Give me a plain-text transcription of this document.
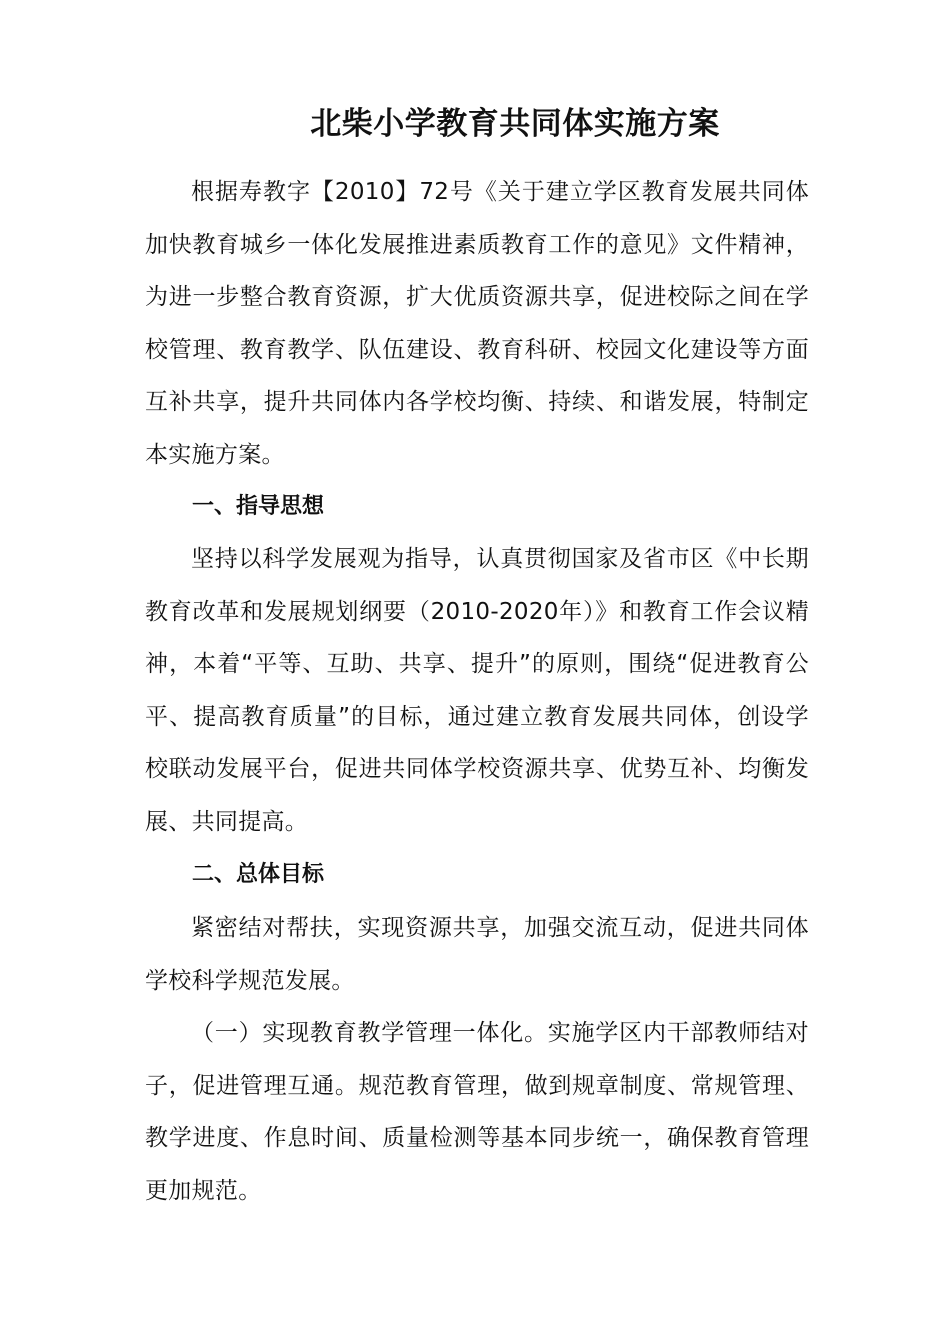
北柴小学教育共同体实施方案

根据寿教字【2010】72号《关于建立学区教育发展共同体加快教育城乡一体化发展推进素质教育工作的意见》文件精神，为进一步整合教育资源，扩大优质资源共享，促进校际之间在学校管理、教育教学、队伍建设、教育科研、校园文化建设等方面互补共享，提升共同体内各学校均衡、持续、和谐发展，特制定本实施方案。

一、指导思想

坚持以科学发展观为指导，认真贯彻国家及省市区《中长期教育改革和发展规划纲要（2010-2020年）》和教育工作会议精神，本着“平等、互助、共享、提升”的原则，围绕“促进教育公平、提高教育质量”的目标，通过建立教育发展共同体，创设学校联动发展平台，促进共同体学校资源共享、优势互补、均衡发展、共同提高。

二、总体目标

紧密结对帮扶，实现资源共享，加强交流互动，促进共同体学校科学规范发展。

（一）实现教育教学管理一体化。实施学区内干部教师结对子，促进管理互通。规范教育管理，做到规章制度、常规管理、教学进度、作息时间、质量检测等基本同步统一，确保教育管理更加规范。
